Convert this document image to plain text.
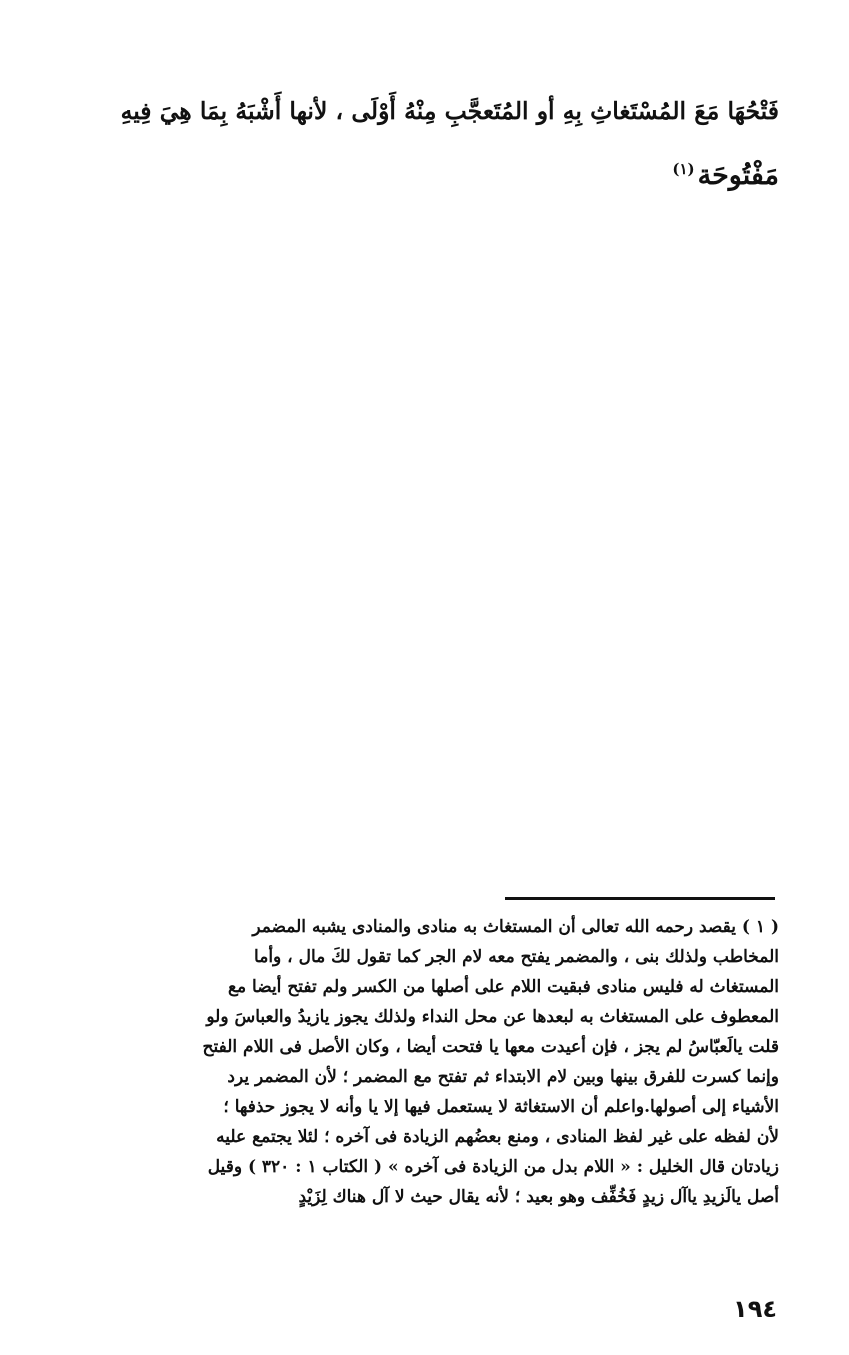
فَتْحُهَا مَعَ المُسْتَغاثِ بِهِ أو المُتَعجَّبِ مِنْهُ أَوْلَى ، لأنها أَشْبَهُ بِمَا هِيَ فِيهِ
مَفْتُوحَة$^{(١)}$
( ١ ) يقصد رحمه الله تعالى أن المستغاث به منادى والمنادى يشبه المضمر
المخاطب ولذلك بنى ، والمضمر يفتح معه لام الجر كما تقول لكَ مال ، وأما
المستغاث له فليس منادى فبقيت اللام على أصلها من الكسر ولم تفتح أيضا مع
المعطوف على المستغاث به لبعدها عن محل النداء ولذلك يجوز يازيدُ والعباسَ ولو
قلت يالَعبّاسُ لم يجز ، فإن أعيدت معها يا فتحت أيضا ، وكان الأصل فى اللام الفتح
وإنما كسرت للفرق بينها وبين لام الابتداء ثم تفتح مع المضمر ؛ لأن المضمر يرد
الأشياء إلى أصولها.واعلم أن الاستغاثة لا يستعمل فيها إلا يا وأنه لا يجوز حذفها ؛
لأن لفظه على غير لفظ المنادى ، ومنع بعضُهم الزيادة فى آخره ؛ لئلا يجتمع عليه
زيادتان قال الخليل : « اللام بدل من الزيادة فى آخره » ( الكتاب ١ : ٣٢٠ ) وقيل
أصل يالَزيدِ ياآل زيدٍ فَخُفِّف وهو بعيد ؛ لأنه يقال حيث لا آل هناك لِزَيْدٍ
١٩٤
